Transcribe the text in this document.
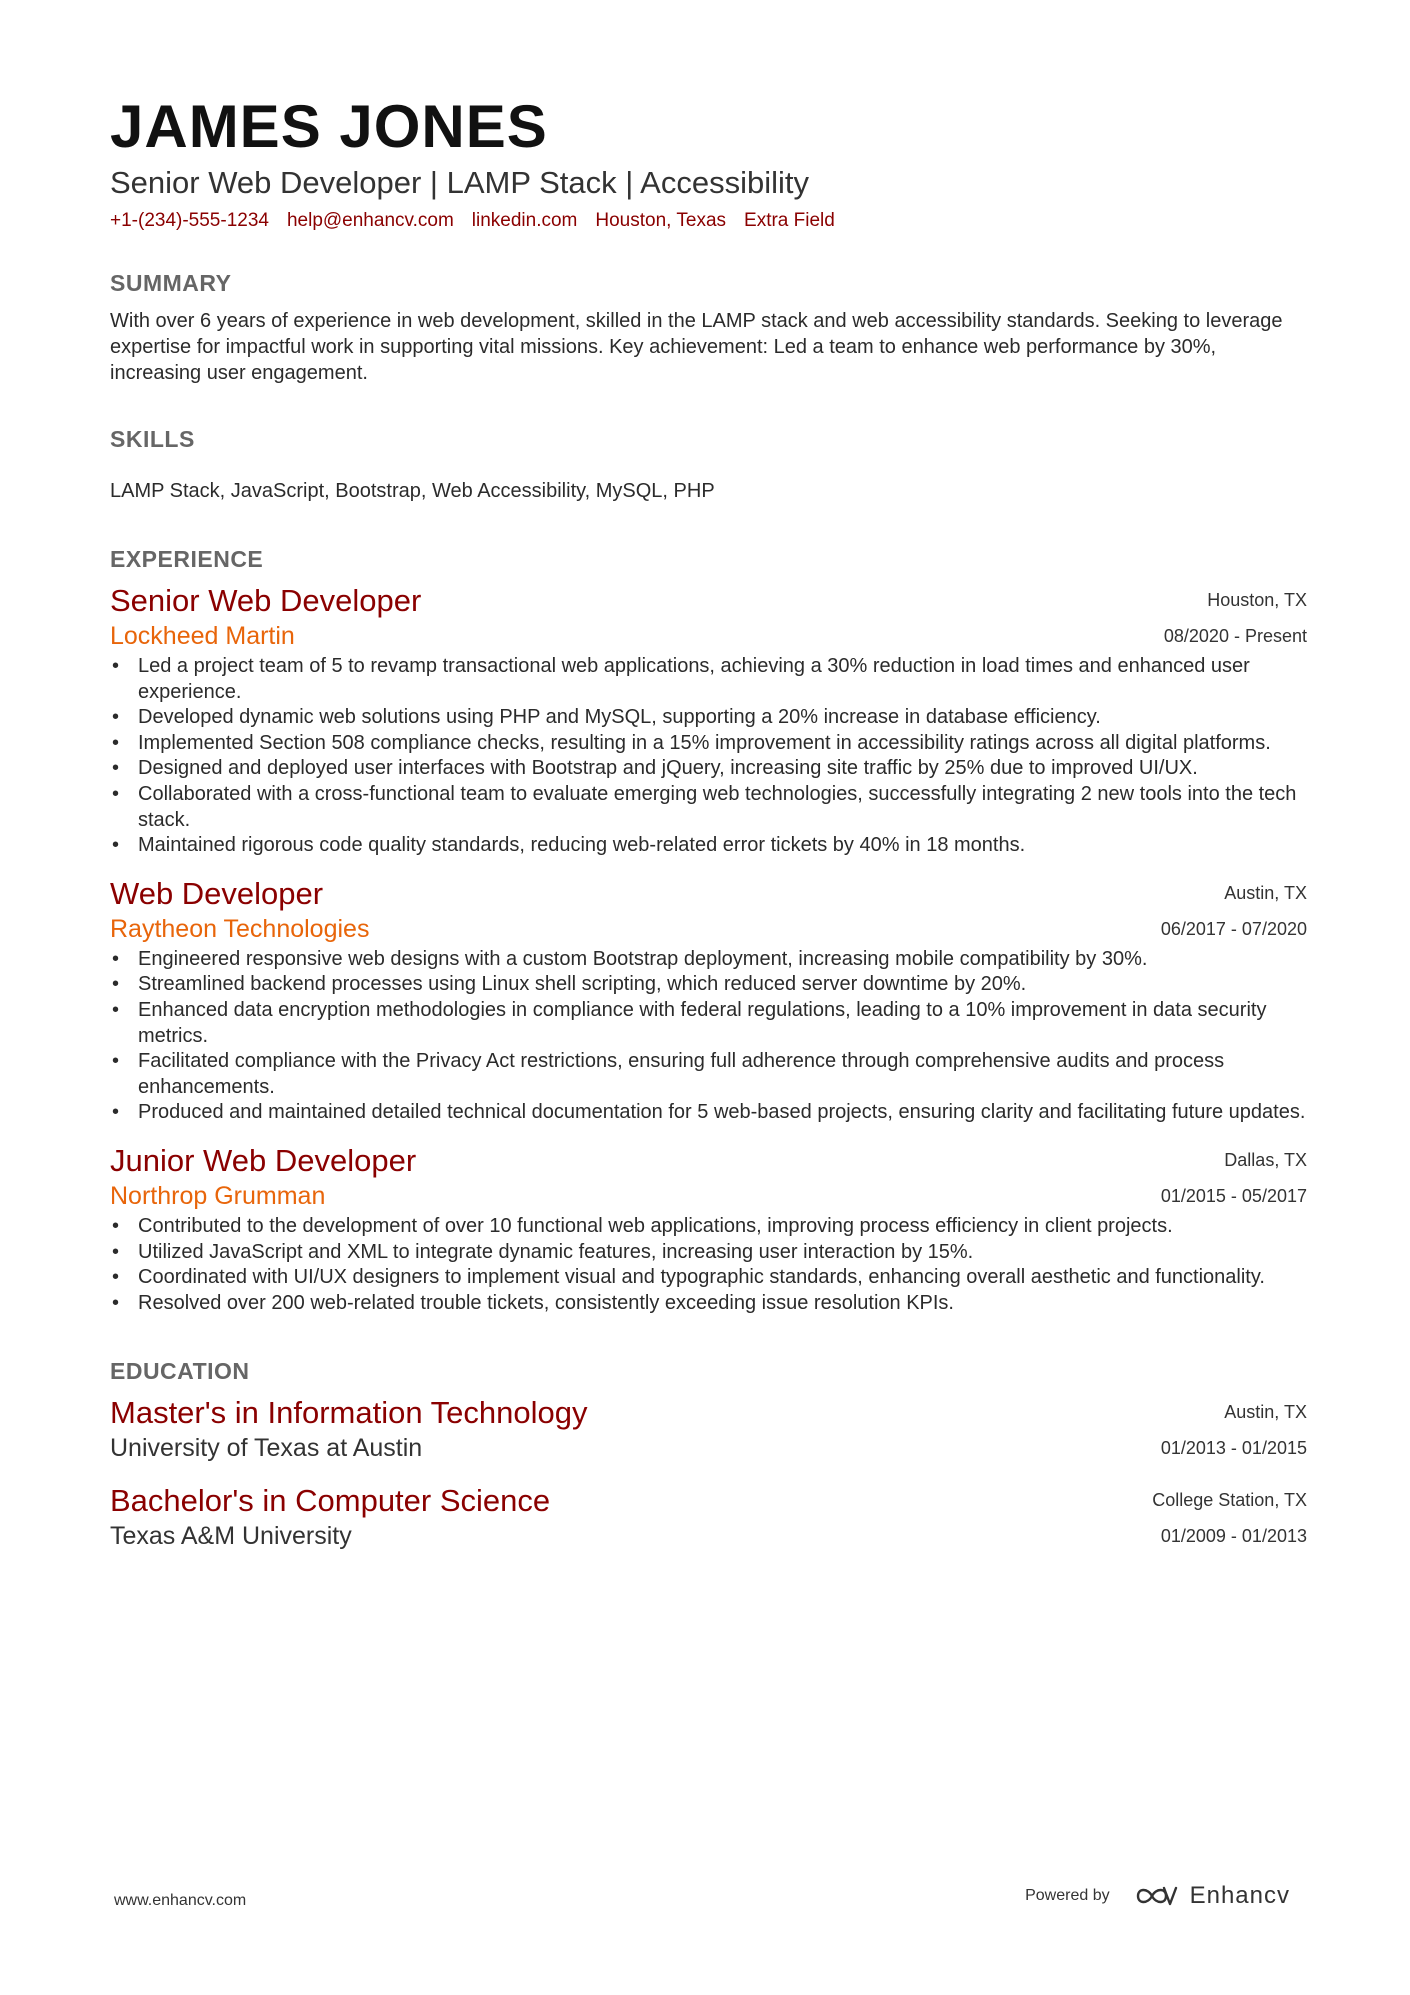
JAMES JONES
Senior Web Developer | LAMP Stack | Accessibility
+1-(234)-555-1234 help@enhancv.com linkedin.com Houston, Texas Extra Field
SUMMARY
With over 6 years of experience in web development, skilled in the LAMP stack and web accessibility standards. Seeking to leverage expertise for impactful work in supporting vital missions. Key achievement: Led a team to enhance web performance by 30%, increasing user engagement.
SKILLS
LAMP Stack, JavaScript, Bootstrap, Web Accessibility, MySQL, PHP
EXPERIENCE
Senior Web Developer
Lockheed Martin
Houston, TX
08/2020 - Present
• Led a project team of 5 to revamp transactional web applications, achieving a 30% reduction in load times and enhanced user experience.
• Developed dynamic web solutions using PHP and MySQL, supporting a 20% increase in database efficiency.
• Implemented Section 508 compliance checks, resulting in a 15% improvement in accessibility ratings across all digital platforms.
• Designed and deployed user interfaces with Bootstrap and jQuery, increasing site traffic by 25% due to improved UI/UX.
• Collaborated with a cross-functional team to evaluate emerging web technologies, successfully integrating 2 new tools into the tech stack.
• Maintained rigorous code quality standards, reducing web-related error tickets by 40% in 18 months.
Web Developer
Raytheon Technologies
Austin, TX
06/2017 - 07/2020
• Engineered responsive web designs with a custom Bootstrap deployment, increasing mobile compatibility by 30%.
• Streamlined backend processes using Linux shell scripting, which reduced server downtime by 20%.
• Enhanced data encryption methodologies in compliance with federal regulations, leading to a 10% improvement in data security metrics.
• Facilitated compliance with the Privacy Act restrictions, ensuring full adherence through comprehensive audits and process enhancements.
• Produced and maintained detailed technical documentation for 5 web-based projects, ensuring clarity and facilitating future updates.
Junior Web Developer
Northrop Grumman
Dallas, TX
01/2015 - 05/2017
• Contributed to the development of over 10 functional web applications, improving process efficiency in client projects.
• Utilized JavaScript and XML to integrate dynamic features, increasing user interaction by 15%.
• Coordinated with UI/UX designers to implement visual and typographic standards, enhancing overall aesthetic and functionality.
• Resolved over 200 web-related trouble tickets, consistently exceeding issue resolution KPIs.
EDUCATION
Master's in Information Technology
University of Texas at Austin
Austin, TX
01/2013 - 01/2015
Bachelor's in Computer Science
Texas A&M University
College Station, TX
01/2009 - 01/2013
www.enhancv.com	Powered by	Enhancv
